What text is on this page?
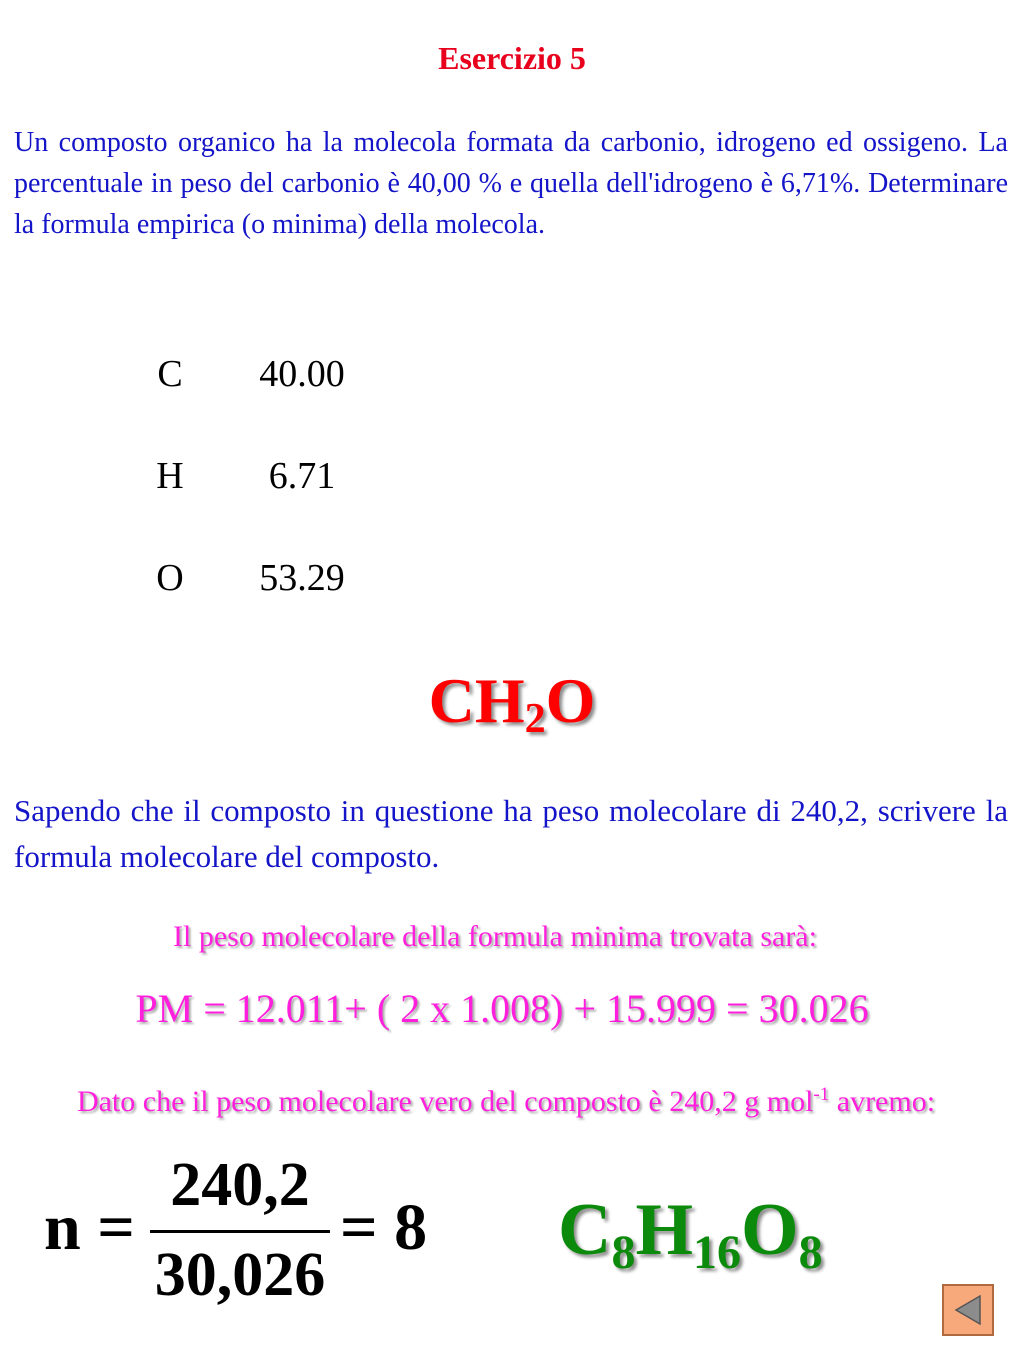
Esercizio 5
Un composto organico ha la molecola formata da carbonio, idrogeno ed ossigeno. La percentuale in peso del carbonio è 40,00 % e quella dell'idrogeno è 6,71%. Determinare la formula empirica (o minima) della molecola.
C	40.00
H	6.71
O	53.29
$CH_2O$
Sapendo che il composto in questione ha peso molecolare di 240,2, scrivere la formula molecolare del composto.
Il peso molecolare della formula minima trovata sarà:
PM = 12.011+ ( 2 x 1.008) + 15.999 = 30.026
Dato che il peso molecolare vero del composto è 240,2 g mol$^{-1}$ avremo:
n =
240,2
30,026
= 8 $C_8H_{16}O_8$
